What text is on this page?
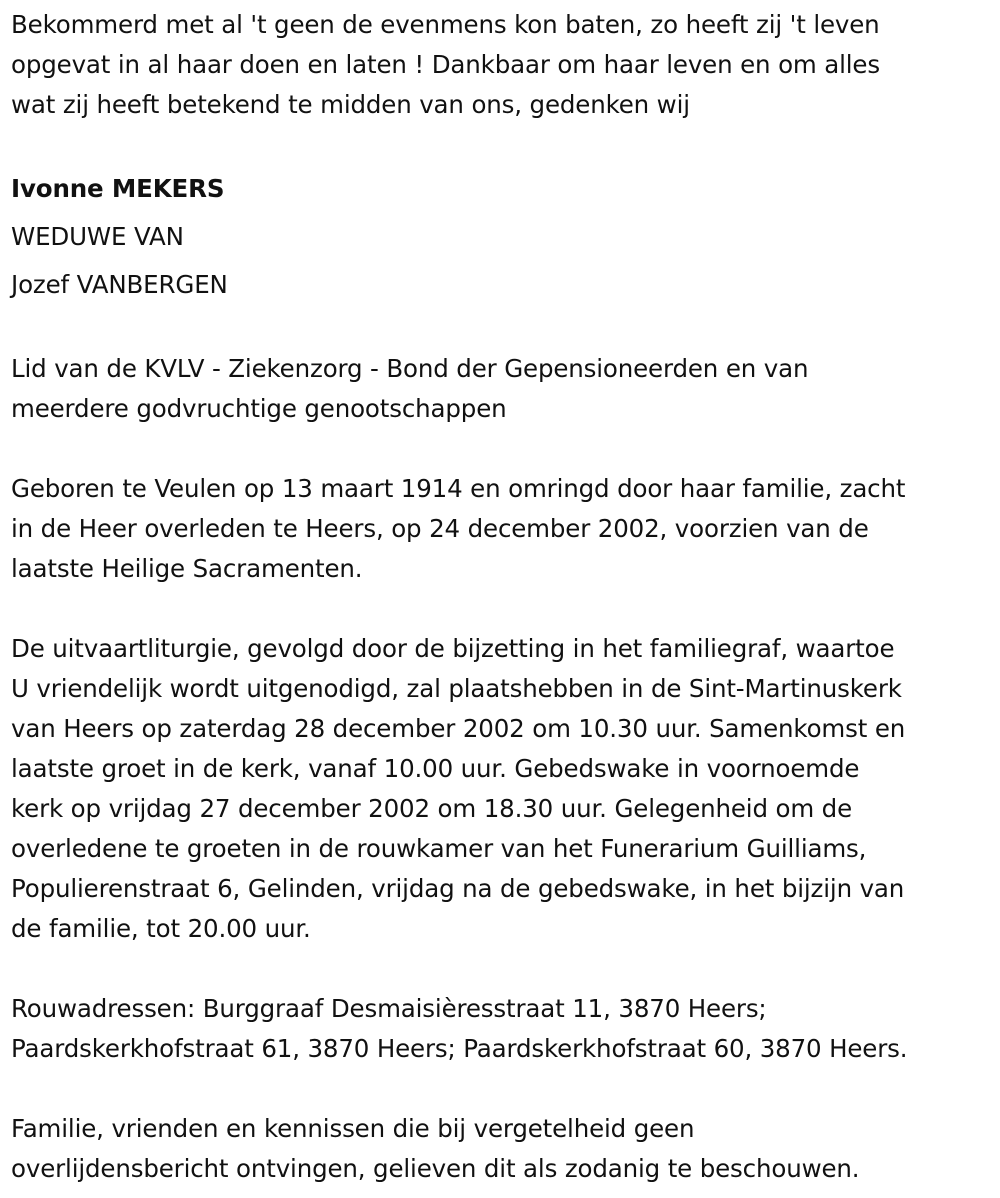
Bekommerd met al 't geen de evenmens kon baten, zo heeft zij 't leven
opgevat in al haar doen en laten ! Dankbaar om haar leven en om alles
wat zij heeft betekend te midden van ons, gedenken wij
Ivonne MEKERS
WEDUWE VAN
Jozef VANBERGEN
Lid van de KVLV - Ziekenzorg - Bond der Gepensioneerden en van
meerdere godvruchtige genootschappen
Geboren te Veulen op 13 maart 1914 en omringd door haar familie, zacht
in de Heer overleden te Heers, op 24 december 2002, voorzien van de
laatste Heilige Sacramenten.
De uitvaartliturgie, gevolgd door de bijzetting in het familiegraf, waartoe
U vriendelijk wordt uitgenodigd, zal plaatshebben in de Sint-Martinuskerk
van Heers op zaterdag 28 december 2002 om 10.30 uur. Samenkomst en
laatste groet in de kerk, vanaf 10.00 uur. Gebedswake in voornoemde
kerk op vrijdag 27 december 2002 om 18.30 uur. Gelegenheid om de
overledene te groeten in de rouwkamer van het Funerarium Guilliams,
Populierenstraat 6, Gelinden, vrijdag na de gebedswake, in het bijzijn van
de familie, tot 20.00 uur.
Rouwadressen: Burggraaf Desmaisièresstraat 11, 3870 Heers;
Paardskerkhofstraat 61, 3870 Heers; Paardskerkhofstraat 60, 3870 Heers.
Familie, vrienden en kennissen die bij vergetelheid geen
overlijdensbericht ontvingen, gelieven dit als zodanig te beschouwen.
